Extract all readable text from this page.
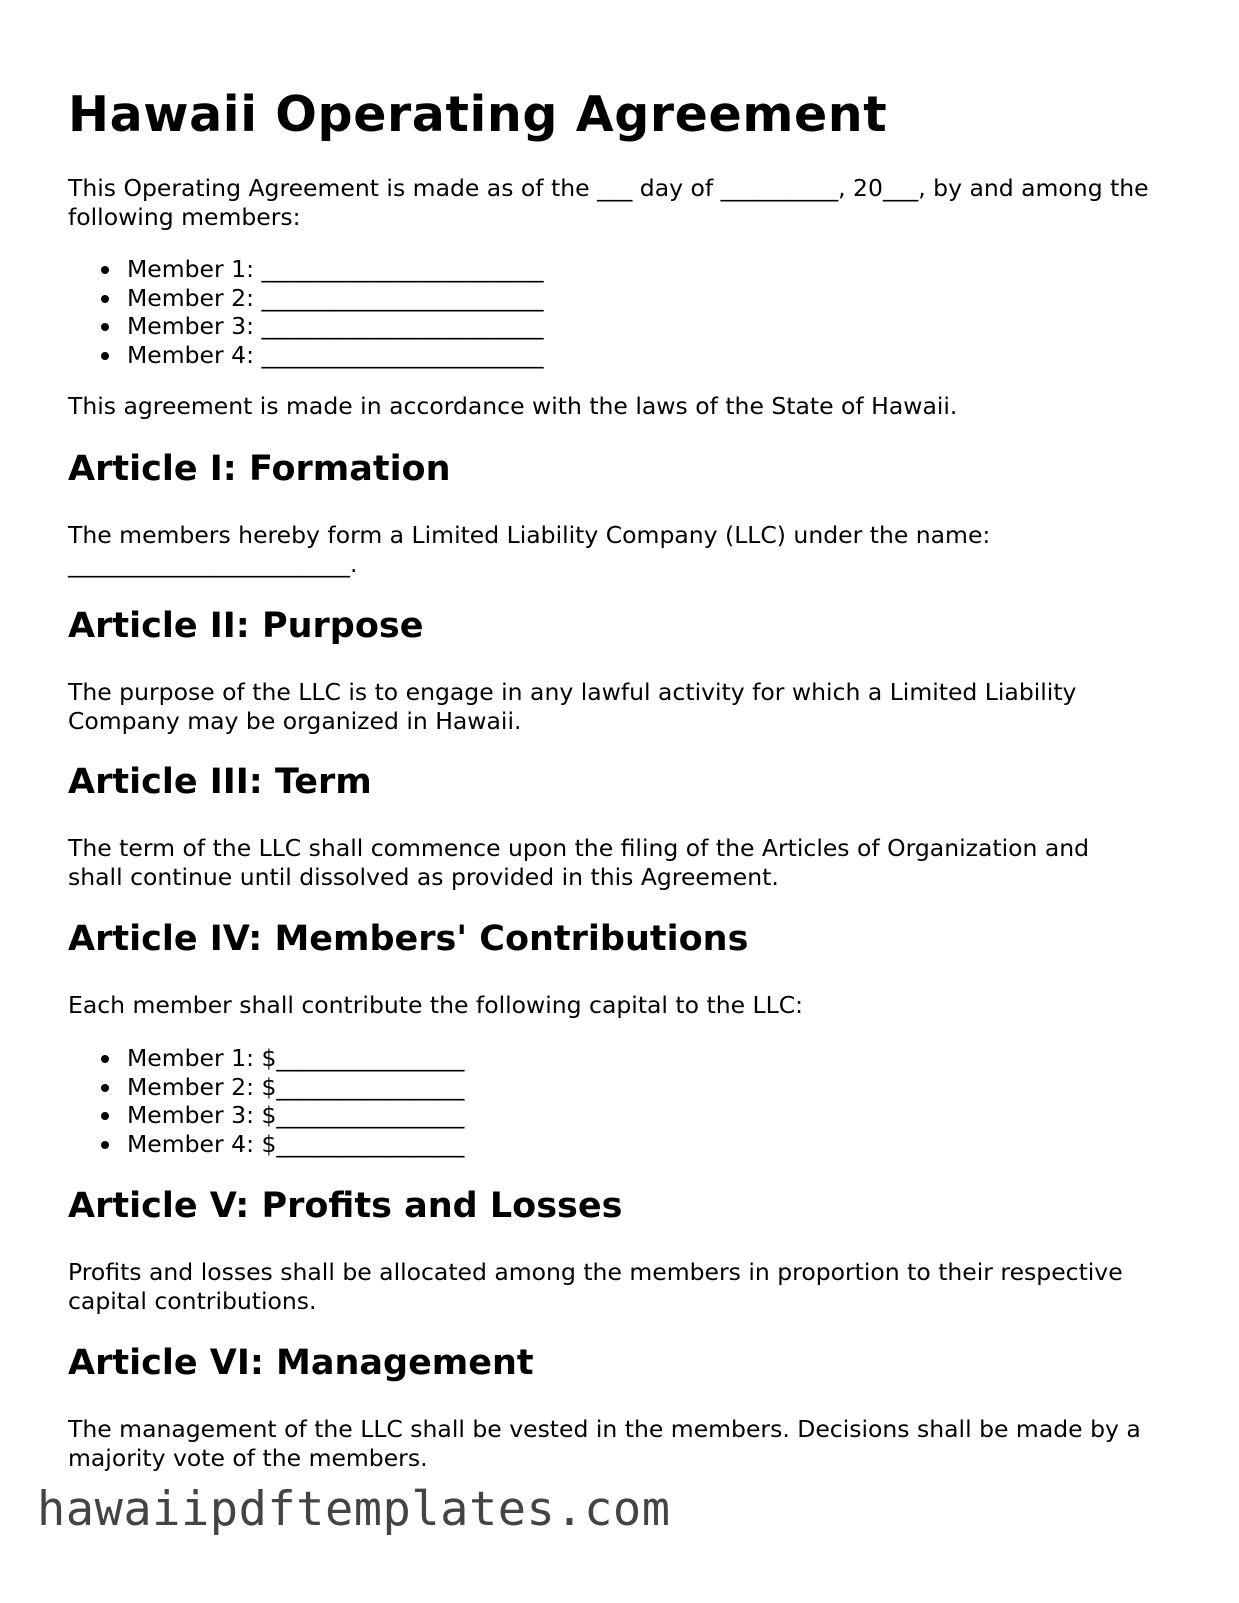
Hawaii Operating Agreement

This Operating Agreement is made as of the ___ day of __________, 20___, by and among the following members:

Member 1: ________________________
Member 2: ________________________
Member 3: ________________________
Member 4: ________________________

This agreement is made in accordance with the laws of the State of Hawaii.

Article I: Formation

The members hereby form a Limited Liability Company (LLC) under the name: ________________________.

Article II: Purpose

The purpose of the LLC is to engage in any lawful activity for which a Limited Liability Company may be organized in Hawaii.

Article III: Term

The term of the LLC shall commence upon the filing of the Articles of Organization and shall continue until dissolved as provided in this Agreement.

Article IV: Members' Contributions

Each member shall contribute the following capital to the LLC:

Member 1: $________________
Member 2: $________________
Member 3: $________________
Member 4: $________________
Article V: Profits and Losses

Profits and losses shall be allocated among the members in proportion to their respective capital contributions.

Article VI: Management

The management of the LLC shall be vested in the members. Decisions shall be made by a majority vote of the members.

hawaiipdftemplates.com
